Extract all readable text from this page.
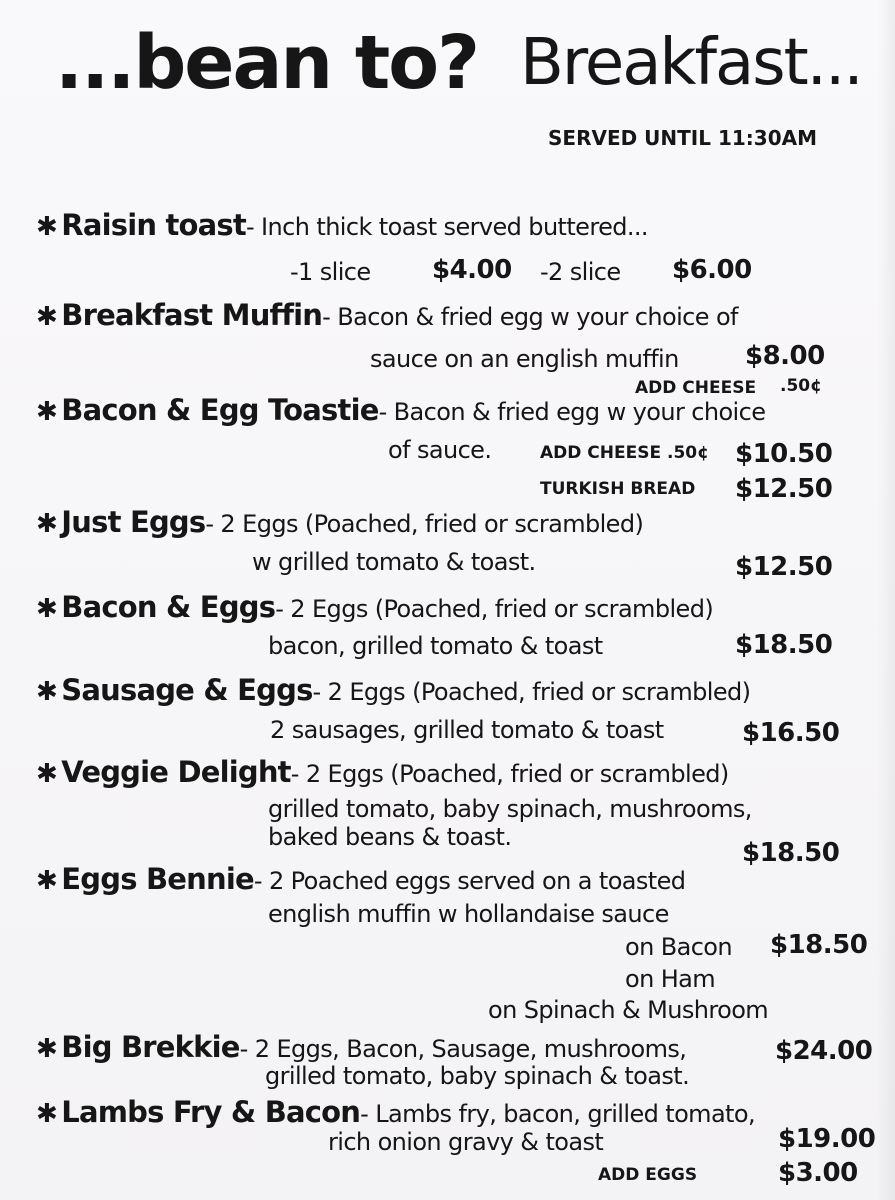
...bean to? Breakfast...
SERVED UNTIL 11:30AM
✱ Raisin toast- Inch thick toast served buttered...
-1 slice $4.00 -2 slice $6.00
✱ Breakfast Muffin- Bacon & fried egg w your choice of
sauce on an english muffin	$8.00
ADD CHEESE .50¢
✱ Bacon & Egg Toastie- Bacon & fried egg w your choice
of sauce.	ADD CHEESE .50¢ $10.50
TURKISH BREAD $12.50
✱ Just Eggs- 2 Eggs (Poached, fried or scrambled)
w grilled tomato & toast.	$12.50
✱ Bacon & Eggs- 2 Eggs (Poached, fried or scrambled)
bacon, grilled tomato & toast	$18.50
✱ Sausage & Eggs- 2 Eggs (Poached, fried or scrambled)
2 sausages, grilled tomato & toast	$16.50
✱ Veggie Delight- 2 Eggs (Poached, fried or scrambled)
grilled tomato, baby spinach, mushrooms,
baked beans & toast.
$18.50
✱ Eggs Bennie- 2 Poached eggs served on a toasted
english muffin w hollandaise sauce
on Bacon $18.50
on Ham
on Spinach & Mushroom
✱ Big Brekkie- 2 Eggs, Bacon, Sausage, mushrooms,
grilled tomato, baby spinach & toast.
$24.00
✱ Lambs Fry & Bacon- Lambs fry, bacon, grilled tomato,
rich onion gravy & toast	$19.00
ADD EGGS	$3.00
